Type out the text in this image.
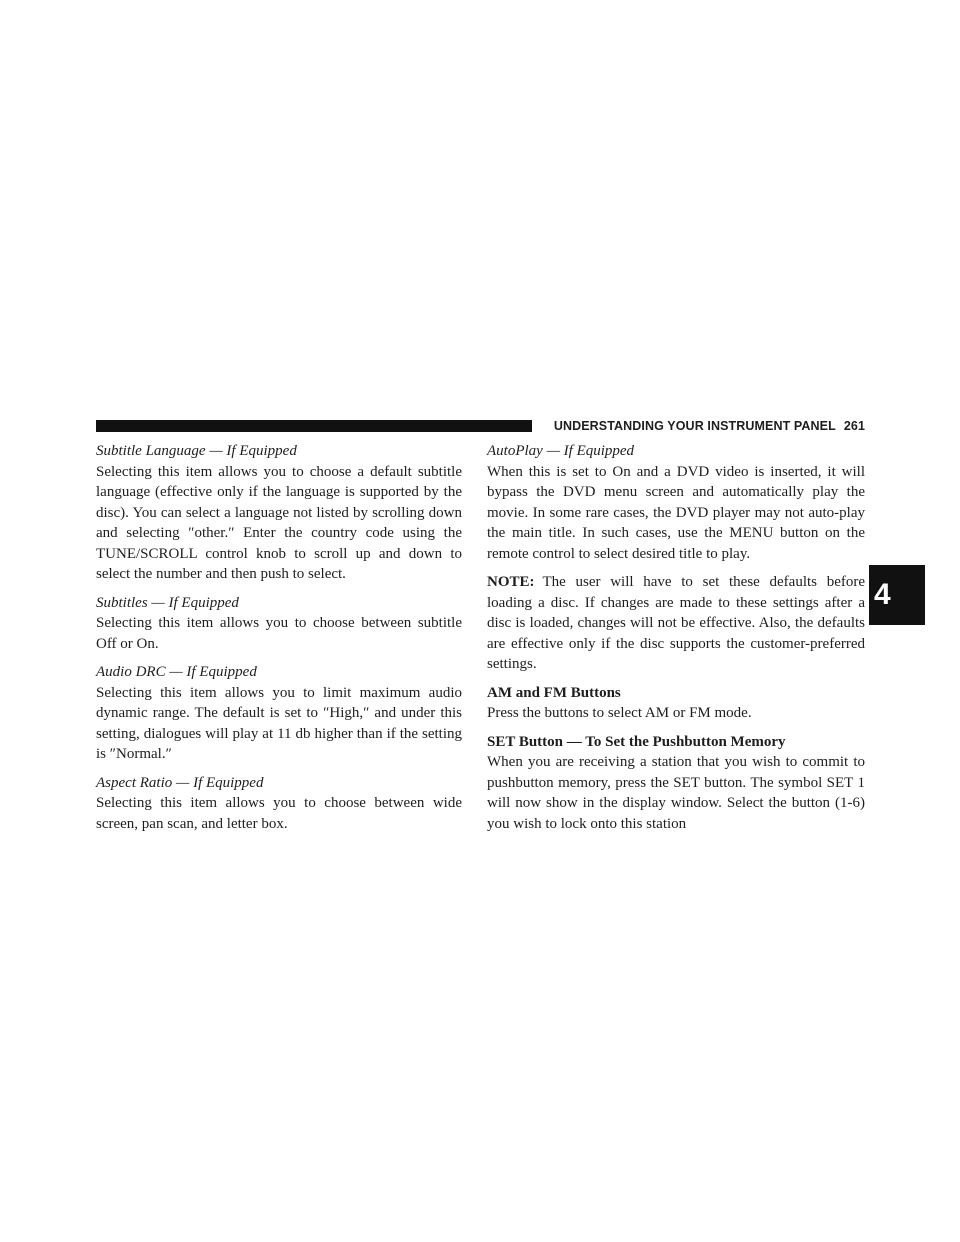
UNDERSTANDING YOUR INSTRUMENT PANEL 261
4

Subtitle Language — If Equipped

Selecting this item allows you to choose a default subtitle language (effective only if the language is supported by the disc). You can select a language not listed by scrolling down and selecting ″other.″ Enter the country code using the TUNE/SCROLL control knob to scroll up and down to select the number and then push to select.

Subtitles — If Equipped

Selecting this item allows you to choose between subtitle Off or On.

Audio DRC — If Equipped

Selecting this item allows you to limit maximum audio dynamic range. The default is set to ″High,″ and under this setting, dialogues will play at 11 db higher than if the setting is ″Normal.″

Aspect Ratio — If Equipped

Selecting this item allows you to choose between wide screen, pan scan, and letter box.

AutoPlay — If Equipped

When this is set to On and a DVD video is inserted, it will bypass the DVD menu screen and automatically play the movie. In some rare cases, the DVD player may not auto-play the main title. In such cases, use the MENU button on the remote control to select desired title to play.

NOTE: The user will have to set these defaults before loading a disc. If changes are made to these settings after a disc is loaded, changes will not be effective. Also, the defaults are effective only if the disc supports the customer-preferred settings.

AM and FM Buttons

Press the buttons to select AM or FM mode.

SET Button — To Set the Pushbutton Memory

When you are receiving a station that you wish to commit to pushbutton memory, press the SET button. The symbol SET 1 will now show in the display window. Select the button (1-6) you wish to lock onto this station
